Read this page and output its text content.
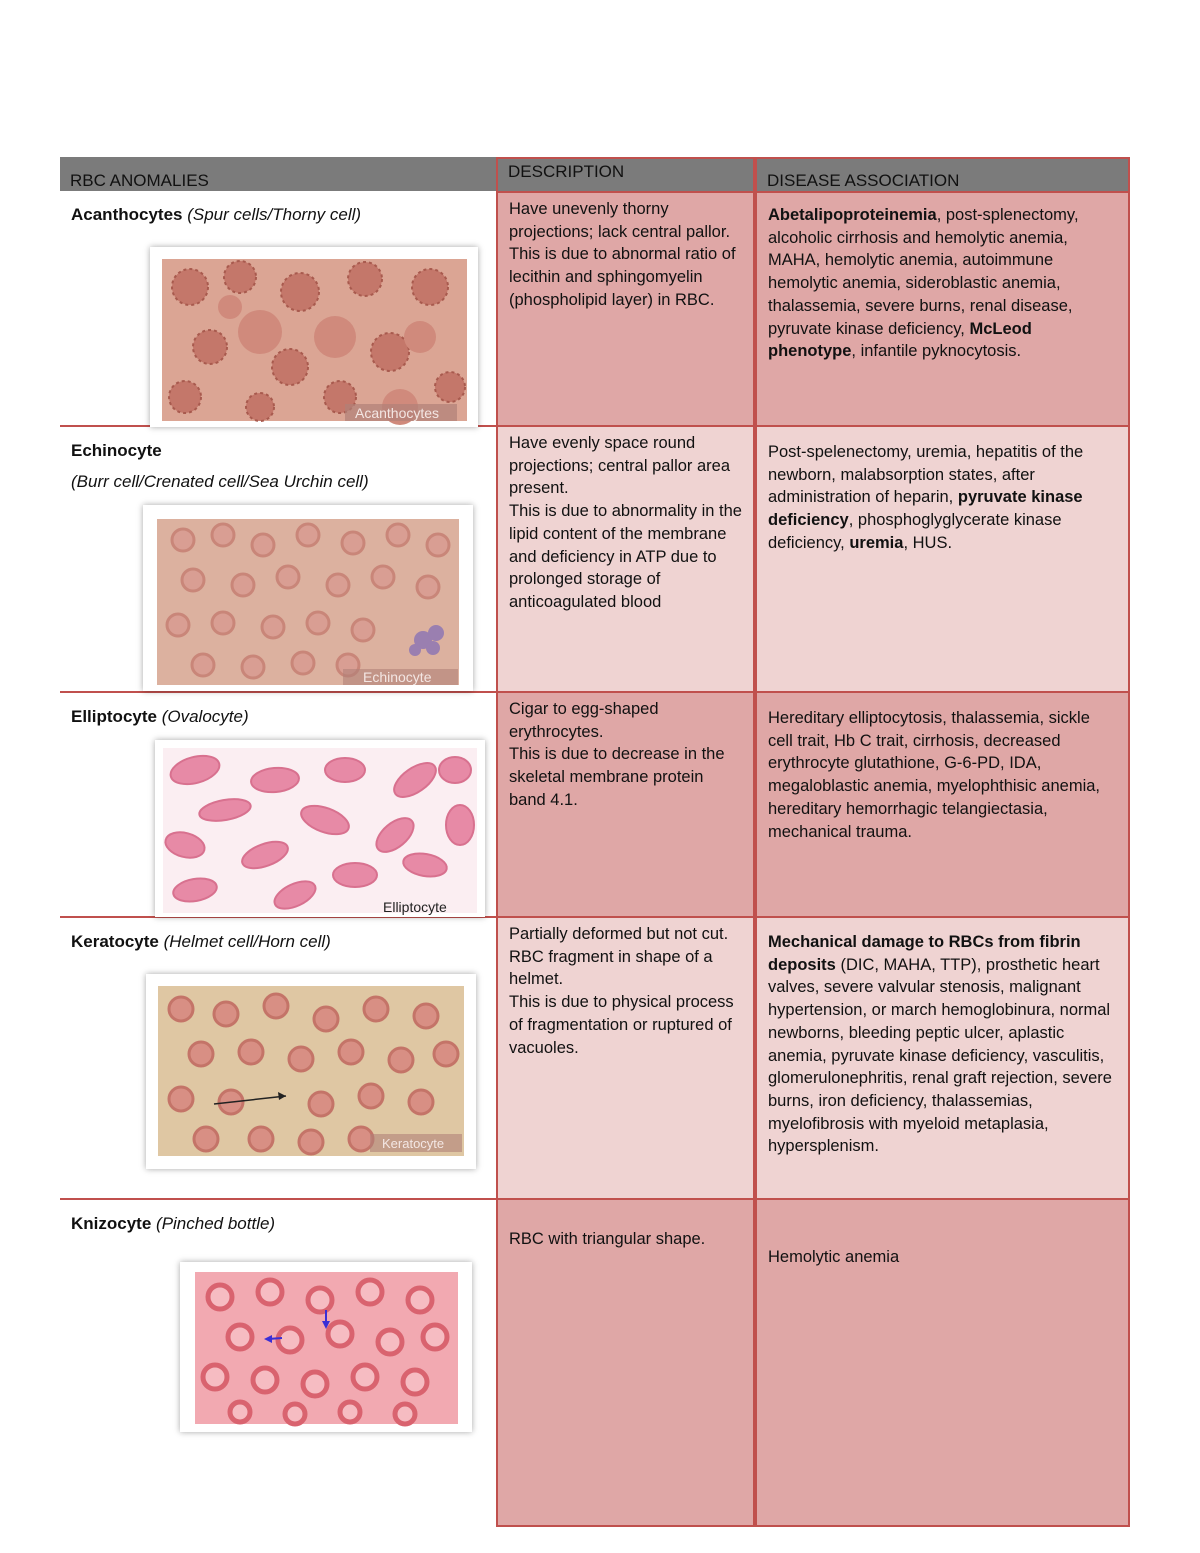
RBC ANOMALIES	DESCRIPTION	DISEASE ASSOCIATION
Acanthocytes (Spur cells/Thorny cell)
Acanthocytes
Have unevenly thorny projections; lack central pallor.
This is due to abnormal ratio of lecithin and sphingomyelin (phospholipid layer) in RBC.
Abetalipoproteinemia, post-splenectomy, alcoholic cirrhosis and hemolytic anemia, MAHA, hemolytic anemia, autoimmune hemolytic anemia, sideroblastic anemia, thalassemia, severe burns, renal disease, pyruvate kinase deficiency, McLeod phenotype, infantile pyknocytosis.
Echinocyte
(Burr cell/Crenated cell/Sea Urchin cell)
Echinocyte
Have evenly space round projections; central pallor area present.
This is due to abnormality in the lipid content of the membrane and deficiency in ATP due to prolonged storage of anticoagulated blood
Post-spelenectomy, uremia, hepatitis of the newborn, malabsorption states, after administration of heparin, pyruvate kinase deficiency, phosphoglyglycerate kinase deficiency, uremia, HUS.
Elliptocyte (Ovalocyte)
Elliptocyte
Cigar to egg-shaped erythrocytes.
This is due to decrease in the skeletal membrane protein band 4.1.
Hereditary elliptocytosis, thalassemia, sickle cell trait, Hb C trait, cirrhosis, decreased erythrocyte glutathione, G-6-PD, IDA, megaloblastic anemia, myelophthisic anemia, hereditary hemorrhagic telangiectasia, mechanical trauma.
Keratocyte (Helmet cell/Horn cell)
Keratocyte
Partially deformed but not cut. RBC fragment in shape of a helmet.
This is due to physical process of fragmentation or ruptured of vacuoles.
Mechanical damage to RBCs from fibrin deposits (DIC, MAHA, TTP), prosthetic heart valves, severe valvular stenosis, malignant hypertension, or march hemoglobinura, normal newborns, bleeding peptic ulcer, aplastic anemia, pyruvate kinase deficiency, vasculitis, glomerulonephritis, renal graft rejection, severe burns, iron deficiency, thalassemias, myelofibrosis with myeloid metaplasia, hypersplenism.
Knizocyte (Pinched bottle)
RBC with triangular shape.
Hemolytic anemia
